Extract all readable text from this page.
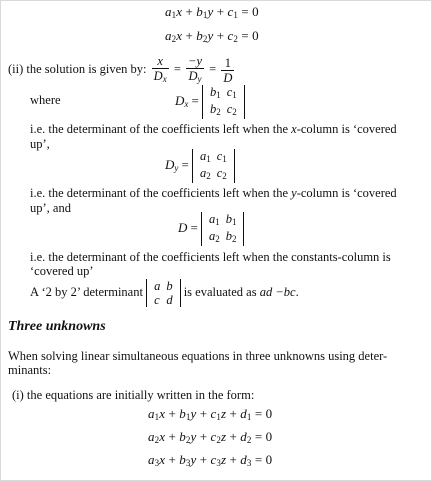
$a_1x + b_1y + c_1 = 0$
$a_2x + b_2y + c_2 = 0$
(ii) the solution is given by: $\frac{x}{D_x} = \frac{-y}{D_y} = \frac{1}{D}$
where	$D_x$ =
$b_1$	$c_1$
$b_2$	$c_2$
i.e. the determinant of the coefficients left when the x-column is ‘covered
up’,
$D_y$ =
$a_1$	$c_1$
$a_2$	$c_2$
i.e. the determinant of the coefficients left when the y-column is ‘covered
up’, and
D =
$a_1$	$b_1$
$a_2$	$b_2$
i.e. the determinant of the coefficients left when the constants-column is
‘covered up’
A ‘2 by 2’ determinant a	b
c	d
is evaluated as ad −bc.
Three unknowns
When solving linear simultaneous equations in three unknowns using deter-
minants:
(i) the equations are initially written in the form:
$a_1x + b_1y + c_1z + d_1 = 0$
$a_2x + b_2y + c_2z + d_2 = 0$
$a_3x + b_3y + c_3z + d_3 = 0$
